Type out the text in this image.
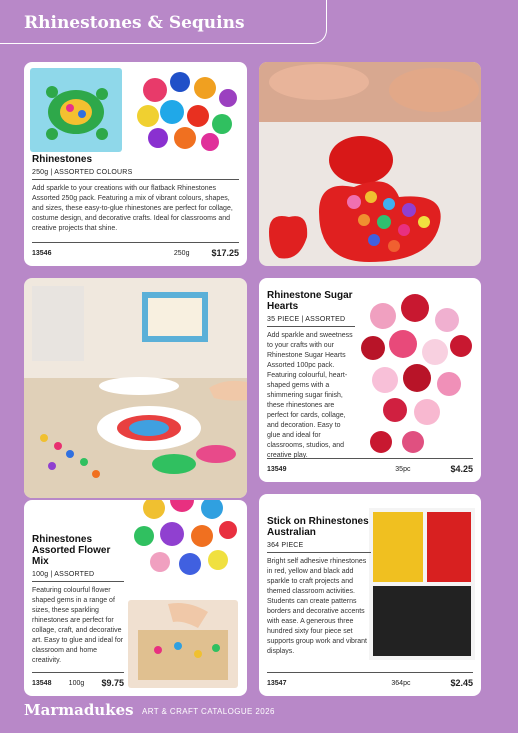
Rhinestones & Sequins
Rhinestones
250g | ASSORTED COLOURS
Add sparkle to your creations with our flatback Rhinestones Assorted 250g pack. Featuring a mix of vibrant colours, shapes, and sizes, these easy-to-glue rhinestones are perfect for collage, costume design, and decorative crafts. Ideal for classrooms and creative projects that shine.
13546	250g $17.25
Rhinestones Assorted Flower Mix
100g | ASSORTED
Featuring colourful flower shaped gems in a range of sizes, these sparkling rhinestones are perfect for collage, craft, and decorative art. Easy to glue and ideal for classroom and home creativity.
13548 100g $9.75
Rhinestone Sugar Hearts
35 PIECE | ASSORTED
Add sparkle and sweetness to your crafts with our Rhinestone Sugar Hearts Assorted 100pc pack. Featuring colourful, heart-shaped gems with a shimmering sugar finish, these rhinestones are perfect for cards, collage, and decoration. Easy to glue and ideal for classrooms, studios, and creative play.
13549	35pc	$4.25
Stick on Rhinestones Australian
364 PIECE
Bright self adhesive rhinestones in red, yellow and black add sparkle to craft projects and themed classroom activities. Students can create patterns borders and decorative accents with ease. A generous three hundred sixty four piece set supports group work and vibrant displays.
13547	364pc	$2.45
Marmadukes ART & CRAFT CATALOGUE 2026
